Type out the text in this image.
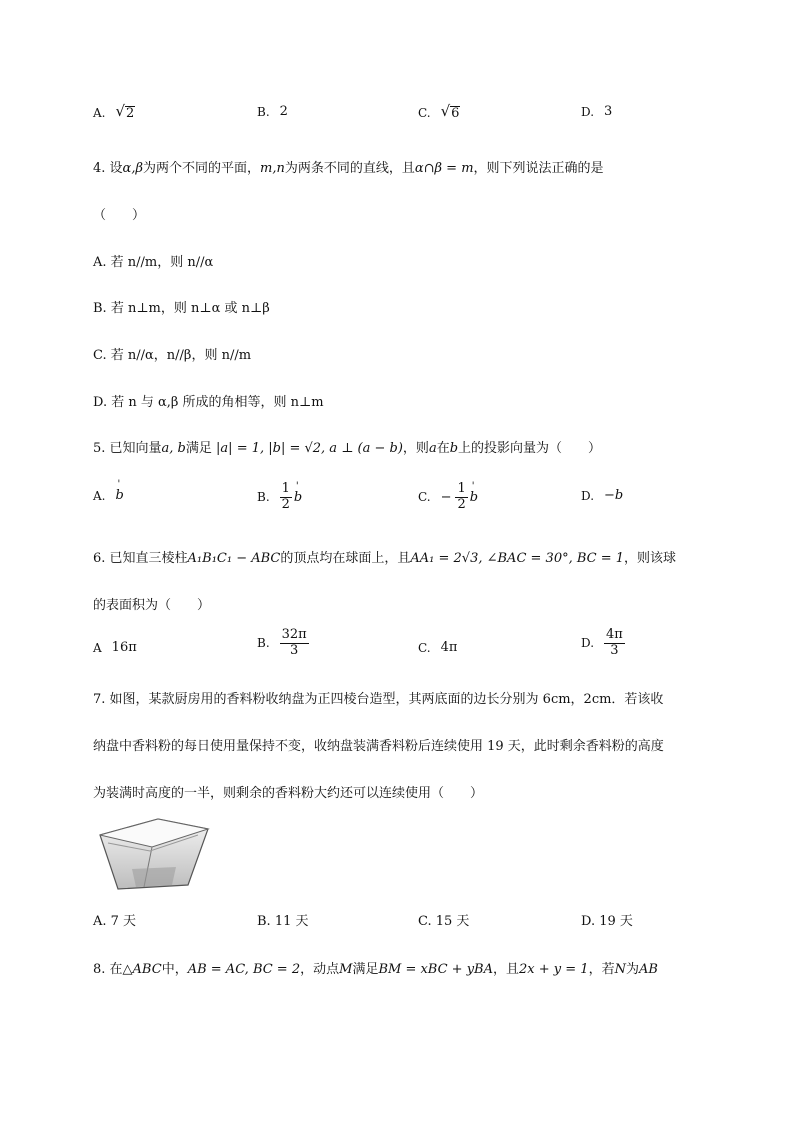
A. √ 2	B. 2	C. √ 6	D. 3
4. 设α,β为两个不同的平面，m,n为两条不同的直线，且α∩β = m，则下列说法正确的是
（　　）
A. 若 n//m，则 n//α
B. 若 n⊥m，则 n⊥α 或 n⊥β
C. 若 n//α，n//β，则 n//m
D. 若 n 与 α,β 所成的角相等，则 n⊥m
5. 已知向量a, b满足 |a| = 1, |b| = √2, a ⊥ (a − b)，则a在b上的投影向量为（　　）
A. ' b	B. $\frac{1}{2}$ ' b	C. − $\frac{1}{2}$ ' b	D. −b
6. 已知直三棱柱A₁B₁C₁ − ABC的顶点均在球面上，且AA₁ = 2√3, ∠BAC = 30°, BC = 1，则该球
的表面积为（　　）
A 16π	B. $\frac{32\pi}{3}$	C. 4π	D. $\frac{4\pi}{3}$
7. 如图，某款厨房用的香料粉收纳盘为正四棱台造型，其两底面的边长分别为 6cm，2cm．若该收
纳盘中香料粉的每日使用量保持不变，收纳盘装满香料粉后连续使用 19 天，此时剩余香料粉的高度
为装满时高度的一半，则剩余的香料粉大约还可以连续使用（　　）
A. 7 天	B. 11 天	C. 15 天	D. 19 天
8. 在△ABC中，AB = AC, BC = 2，动点M满足BM = xBC + yBA，且2x + y = 1，若N为AB
